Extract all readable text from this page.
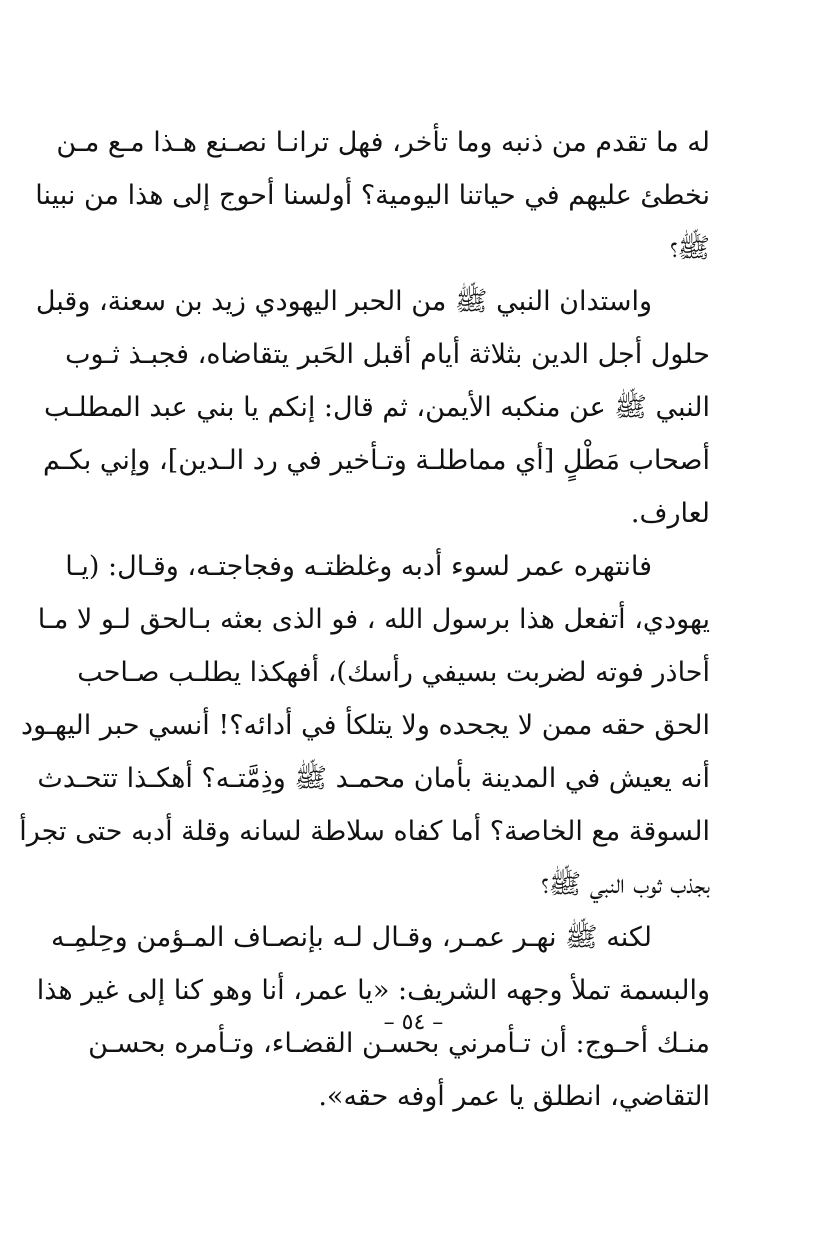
له ما تقدم من ذنبه وما تأخر، فهل ترانـا نصـنع هـذا مـع مـن
نخطئ عليهم في حياتنا اليومية؟ أولسنا أحوج إلى هذا من نبينا
ﷺ؟
واستدان النبي ﷺ من الحبر اليهودي زيد بن سعنة، وقبل
حلول أجل الدين بثلاثة أيام أقبل الحَبر يتقاضاه، فجبـذ ثـوب
النبي ﷺ عن منكبه الأيمن، ثم قال: إنكم يا بني عبد المطلـب
أصحاب مَطْلٍ [أي مماطلـة وتـأخير في رد الـدين]، وإني بكـم
لعارف.
فانتهره عمر لسوء أدبه وغلظتـه وفجاجتـه، وقـال: (يـا
يهودي، أتفعل هذا برسول الله ، فو الذى بعثه بـالحق لـو لا مـا
أحاذر فوته لضربت بسيفي رأسك)، أفهكذا يطلـب صـاحب
الحق حقه ممن لا يجحده ولا يتلكأ في أدائه؟! أنسي حبر اليهـود
أنه يعيش في المدينة بأمان محمـد ﷺ وذِمَّتـه؟ أهكـذا تتحـدث
السوقة مع الخاصة؟ أما كفاه سلاطة لسانه وقلة أدبه حتى تجرأ
بجذب ثوب النبي ﷺ؟
لكنه ﷺ نهـر عمـر، وقـال لـه بإنصـاف المـؤمن وحِلمِـه
والبسمة تملأ وجهه الشريف: «يا عمر، أنا وهو كنا إلى غير هذا
منـك أحـوج: أن تـأمرني بحسـن القضـاء، وتـأمره بحسـن
التقاضي، انطلق يا عمر أوفه حقه».
– ٥٤ –
